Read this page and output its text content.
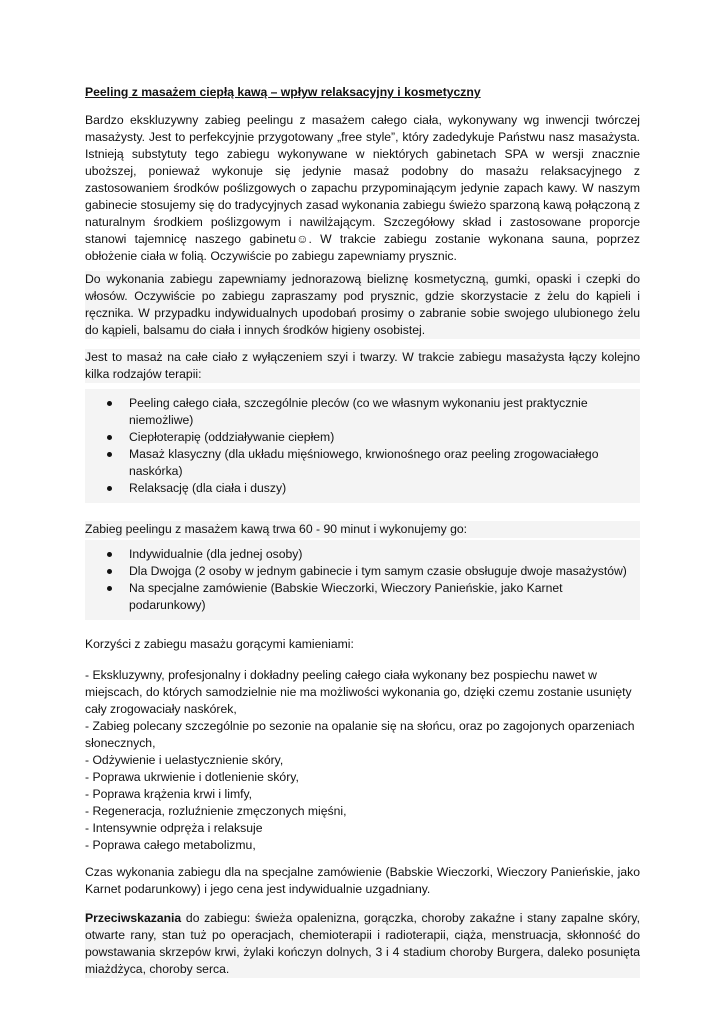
Peeling z masażem ciepłą kawą – wpływ relaksacyjny i kosmetyczny

Bardzo ekskluzywny zabieg peelingu z masażem całego ciała, wykonywany wg inwencji twórczej masażysty. Jest to perfekcyjnie przygotowany „free style”, który zadedykuje Państwu nasz masażysta. Istnieją substytuty tego zabiegu wykonywane w niektórych gabinetach SPA w wersji znacznie uboższej, ponieważ wykonuje się jedynie masaż podobny do masażu relaksacyjnego z zastosowaniem środków poślizgowych o zapachu przypominającym jedynie zapach kawy. W naszym gabinecie stosujemy się do tradycyjnych zasad wykonania zabiegu świeżo sparzoną kawą połączoną z naturalnym środkiem poślizgowym i nawilżającym. Szczegółowy skład i zastosowane proporcje stanowi tajemnicę naszego gabinetu☺. W trakcie zabiegu zostanie wykonana sauna, poprzez obłożenie ciała w folią. Oczywiście po zabiegu zapewniamy prysznic.

Do wykonania zabiegu zapewniamy jednorazową bieliznę kosmetyczną, gumki, opaski i czepki do włosów. Oczywiście po zabiegu zapraszamy pod prysznic, gdzie skorzystacie z żelu do kąpieli i ręcznika. W przypadku indywidualnych upodobań prosimy o zabranie sobie swojego ulubionego żelu do kąpieli, balsamu do ciała i innych środków higieny osobistej.

Jest to masaż na całe ciało z wyłączeniem szyi i twarzy. W trakcie zabiegu masażysta łączy kolejno kilka rodzajów terapii:

Peeling całego ciała, szczególnie pleców (co we własnym wykonaniu jest praktycznie niemożliwe)
Ciepłoterapię (oddziaływanie ciepłem)
Masaż klasyczny (dla układu mięśniowego, krwionośnego oraz peeling zrogowaciałego naskórka)
Relaksację (dla ciała i duszy)

Zabieg peelingu z masażem kawą trwa 60 - 90 minut i wykonujemy go:

Indywidualnie (dla jednej osoby)
Dla Dwojga (2 osoby w jednym gabinecie i tym samym czasie obsługuje dwoje masażystów)
Na specjalne zamówienie (Babskie Wieczorki, Wieczory Panieńskie, jako Karnet podarunkowy)

Korzyści z zabiegu masażu gorącymi kamieniami:

- Ekskluzywny, profesjonalny i dokładny peeling całego ciała wykonany bez pospiechu nawet w miejscach, do których samodzielnie nie ma możliwości wykonania go, dzięki czemu zostanie usunięty cały zrogowaciały naskórek,
- Zabieg polecany szczególnie po sezonie na opalanie się na słońcu, oraz po zagojonych oparzeniach słonecznych,
- Odżywienie i uelastycznienie skóry,
- Poprawa ukrwienie i dotlenienie skóry,
- Poprawa krążenia krwi i limfy,
- Regeneracja, rozluźnienie zmęczonych mięśni,
- Intensywnie odpręża i relaksuje
- Poprawa całego metabolizmu,

Czas wykonania zabiegu dla na specjalne zamówienie (Babskie Wieczorki, Wieczory Panieńskie, jako Karnet podarunkowy) i jego cena jest indywidualnie uzgadniany.

Przeciwskazania do zabiegu: świeża opalenizna, gorączka, choroby zakaźne i stany zapalne skóry, otwarte rany, stan tuż po operacjach, chemioterapii i radioterapii, ciąża, menstruacja, skłonność do powstawania skrzepów krwi, żylaki kończyn dolnych, 3 i 4 stadium choroby Burgera, daleko posunięta miażdżyca, choroby serca.
